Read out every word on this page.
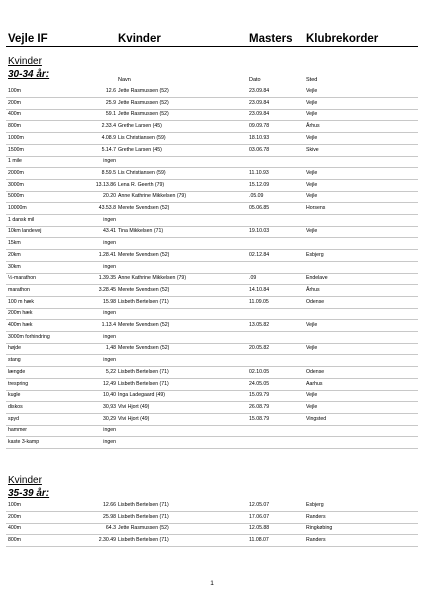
Vejle IF	Kvinder	Masters Klubrekorder
Kvinder
30-34 år:	Navn	Dato	Sted
100m	12.6 Jette Rasmussen (52)	23.09.84	Vejle
200m	25.9 Jette Rasmussen (52)	23.09.84	Vejle
400m	59.1 Jette Rasmussen (52)	23.09.84	Vejle
800m	2.33.4 Grethe Larsen (45)	09.09.78	Århus
1000m	4.08.9 Lis Christiansen (59)	18.10.93	Vejle
1500m	5.14.7 Grethe Larsen (45)	03.06.78	Skive
1 mile	ingen
2000m	8.59.5 Lis Christiansen (59)	11.10.93	Vejle
3000m	13.13.86 Lena R. Geerth (79)	15.12.09	Vejle
5000m	20.20 Anne Kathrine Mikkelsen (79)	.05.09	Vejle
10000m	43.53.8 Merete Svendsen (52)	05.06.85	Horsens
1 dansk mil	ingen
10km landevej	43.41 Tina Mikkelsen (71)	19.10.03	Vejle
15km	ingen
20km	1.28.41 Merete Svendsen (52)	02.12.84	Esbjerg
30km	ingen
½-marathon	1.39.35 Anne Kathrine Mikkelsen (79)	.09	Endelave
marathon	3.28.45 Merete Svendsen (52)	14.10.84	Århus
100 m hæk	15.98 Lisbeth Bertelsen (71)	11.09.05	Odense
200m hæk	ingen
400m hæk	1.13.4 Merete Svendsen (52)	13.05.82	Vejle
3000m forhindring	ingen
højde	1,48 Merete Svendsen (52)	20.05.82	Vejle
stang	ingen
længde	5,22 Lisbeth Bertelsen (71)	02.10.05	Odense
trespring	12,49 Lisbeth Bertelsen (71)	24.05.05	Aarhus
kugle	10,40 Inga Ladegaard (49)	15.09.79	Vejle
diskos	30,93 Vivi Hjort (49)	26.08.79	Vejle
spyd	30,29 Vivi Hjort (49)	15.08.79	Vingsted
hammer	ingen
kaste 3-kamp	ingen
Kvinder
35-39 år:
100m	12.66 Lisbeth Bertelsen (71)	12.05.07	Esbjerg
200m	25.98 Lisbeth Bertelsen (71)	17.06.07	Randers
400m	64.3 Jette Rasmussen (52)	12.05.88	Ringkøbing
800m	2.30.49 Lisbeth Bertelsen (71)	11.08.07	Randers
1
